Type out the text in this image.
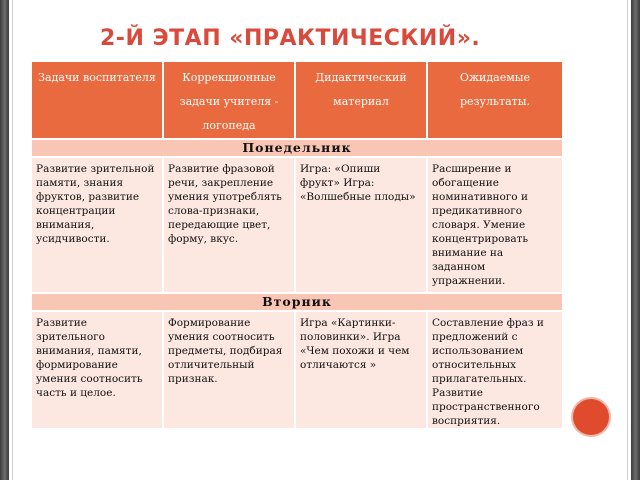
2-Й ЭТАП «ПРАКТИЧЕСКИЙ».
Задачи воспитателя	Коррекционные задачи учителя - логопеда	Дидактический материал	Ожидаемые результаты.
Понедельник			
Развитие зрительной памяти, знания фруктов, развитие концентрации внимания, усидчивости.	Развитие фразовой речи, закрепление умения употреблять слова-признаки, передающие цвет, форму, вкус.	Игра: «Опиши фрукт» Игра: «Волшебные плоды»	Расширение и обогащение номинативного и предикативного словаря. Умение концентрировать внимание на заданном упражнении.
Вторник			
Развитие зрительного внимания, памяти, формирование умения соотносить часть и целое.	Формирование умения соотносить предметы, подбирая отличительный признак.	Игра «Картинки-половинки». Игра «Чем похожи и чем отличаются »	Составление фраз и предложений с использованием относительных прилагательных. Развитие пространственного восприятия.
